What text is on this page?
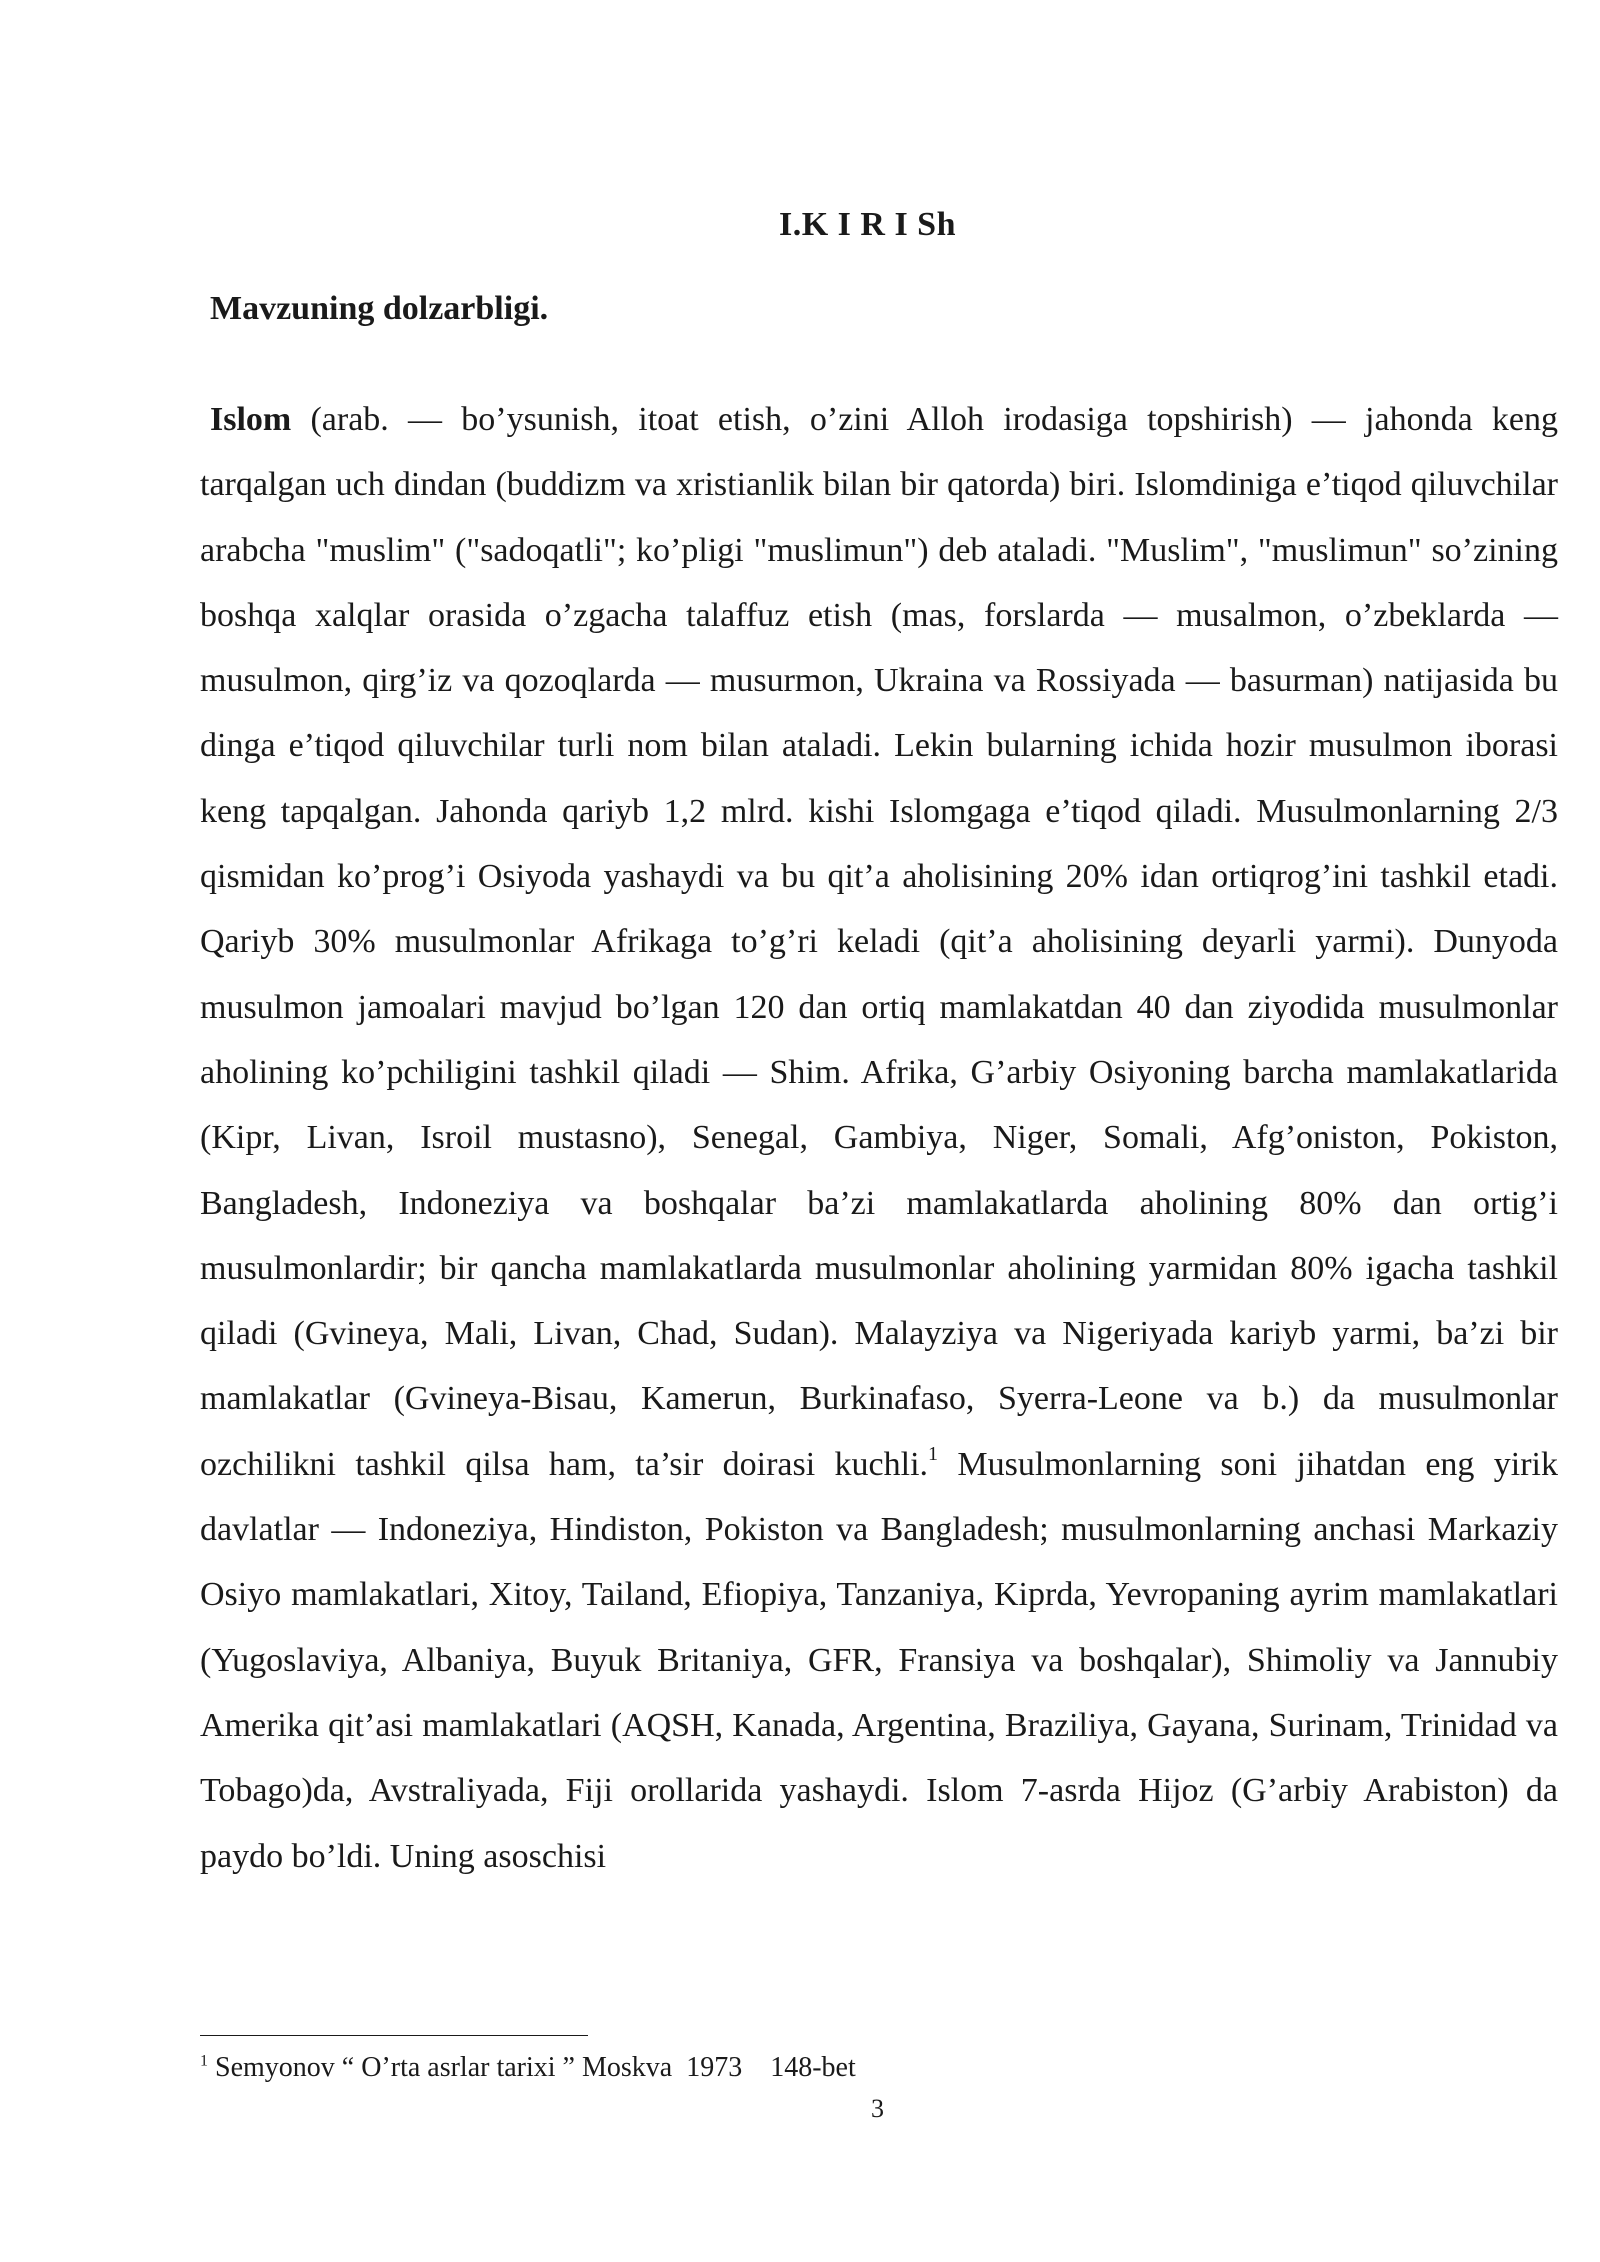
I.K I R I Sh
Mavzuning dolzarbligi.

Islom (arab. — bo’ysunish, itoat etish, o’zini Alloh irodasiga topshirish) — jahonda keng tarqalgan uch dindan (buddizm va xristianlik bilan bir qatorda) biri. Islomdiniga e’tiqod qiluvchilar arabcha "muslim" ("sadoqatli"; ko’pligi "muslimun") deb ataladi. "Muslim", "muslimun" so’zining boshqa xalqlar orasida o’zgacha talaffuz etish (mas, forslarda — musalmon, o’zbeklarda — musulmon, qirg’iz va qozoqlarda — musurmon, Ukraina va Rossiyada — basurman) natijasida bu dinga e’tiqod qiluvchilar turli nom bilan ataladi. Lekin bularning ichida hozir musulmon iborasi keng tapqalgan. Jahonda qariyb 1,2 mlrd. kishi Islomgaga e’tiqod qiladi. Musulmonlarning 2/3 qismidan ko’prog’i Osiyoda yashaydi va bu qit’a aholisining 20% idan ortiqrog’ini tashkil etadi. Qariyb 30% musulmonlar Afrikaga to’g’ri keladi (qit’a aholisining deyarli yarmi). Dunyoda musulmon jamoalari mavjud bo’lgan 120 dan ortiq mamlakatdan 40 dan ziyodida musulmonlar aholining ko’pchiligini tashkil qiladi — Shim. Afrika, G’arbiy Osiyoning barcha mamlakatlarida (Kipr, Livan, Isroil mustasno), Senegal, Gambiya, Niger, Somali, Afg’oniston, Pokiston, Bangladesh, Indoneziya va boshqalar ba’zi mamlakatlarda aholining 80% dan ortig’i musulmonlardir; bir qancha mamlakatlarda musulmonlar aholining yarmidan 80% igacha tashkil qiladi (Gvineya, Mali, Livan, Chad, Sudan). Malayziya va Nigeriyada kariyb yarmi, ba’zi bir mamlakatlar (Gvineya-Bisau, Kamerun, Burkinafaso, Syerra-Leone va b.) da musulmonlar ozchilikni tashkil qilsa ham, ta’sir doirasi kuchli.$^1$ Musulmonlarning soni jihatdan eng yirik davlatlar — Indoneziya, Hindiston, Pokiston va Bangladesh; musulmonlarning anchasi Markaziy Osiyo mamlakatlari, Xitoy, Tailand, Efiopiya, Tanzaniya, Kiprda, Yevropaning ayrim mamlakatlari (Yugoslaviya, Albaniya, Buyuk Britaniya, GFR, Fransiya va boshqalar), Shimoliy va Jannubiy Amerika qit’asi mamlakatlari (AQSH, Kanada, Argentina, Braziliya, Gayana, Surinam, Trinidad va Tobago)da, Avstraliyada, Fiji orollarida yashaydi. Islom 7-asrda Hijoz (G’arbiy Arabiston) da paydo bo’ldi. Uning asoschisi

$^1$ Semyonov “ O’rta asrlar tarixi ” Moskva  1973    148-bet

3
